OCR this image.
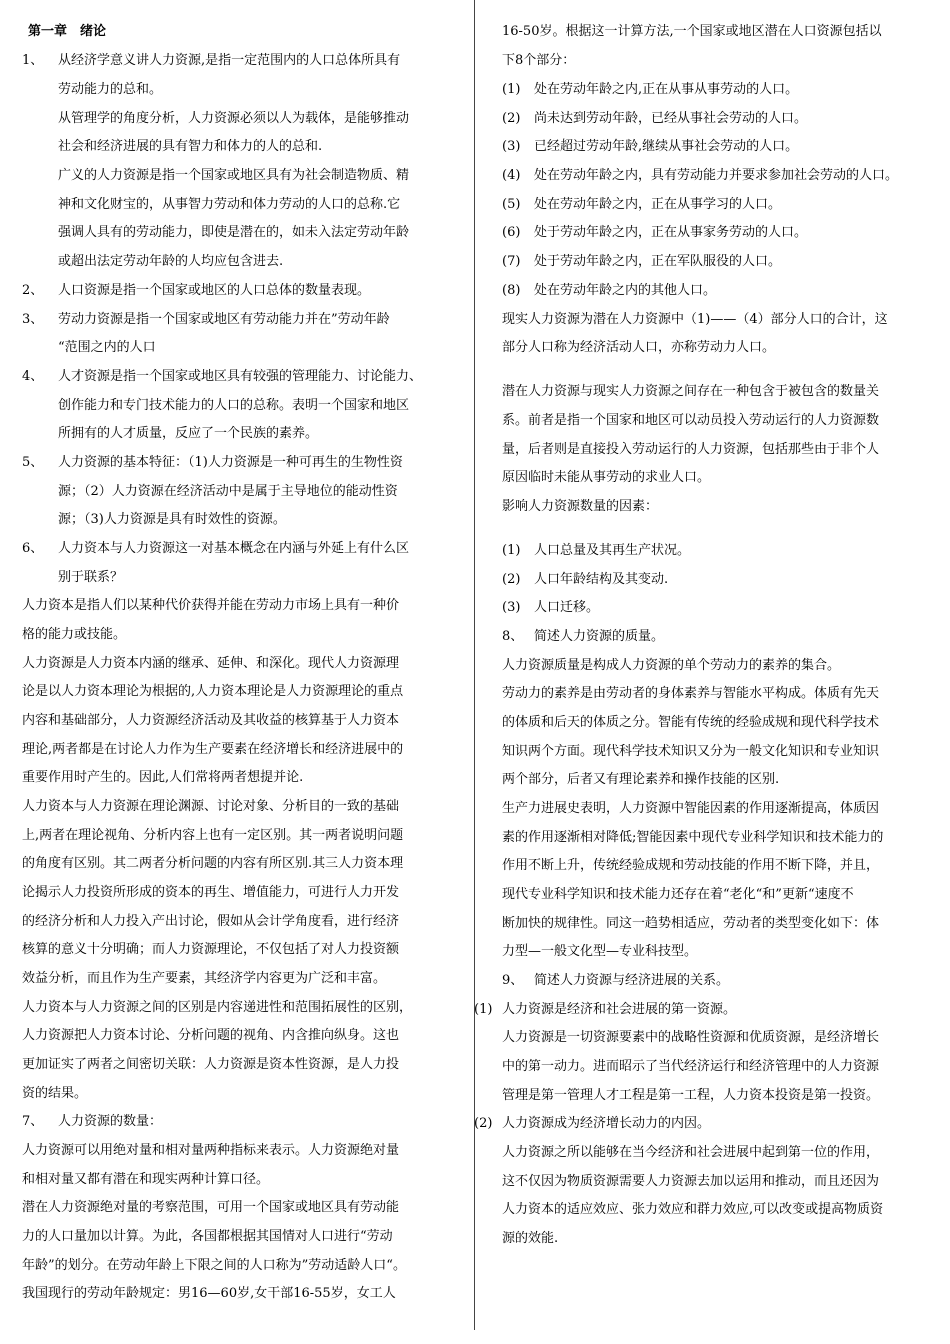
第一章　绪论
1、 从经济学意义讲人力资源,是指一定范围内的人口总体所具有
劳动能力的总和。
从管理学的角度分析，人力资源必须以人为载体，是能够推动
社会和经济进展的具有智力和体力的人的总和.
广义的人力资源是指一个国家或地区具有为社会制造物质、精
神和文化财宝的，从事智力劳动和体力劳动的人口的总称.它
强调人具有的劳动能力，即使是潜在的，如未入法定劳动年龄
或超出法定劳动年龄的人均应包含进去.
2、 人口资源是指一个国家或地区的人口总体的数量表现。
3、 劳动力资源是指一个国家或地区有劳动能力并在”劳动年龄
“范围之内的人口
4、 人才资源是指一个国家或地区具有较强的管理能力、讨论能力、
创作能力和专门技术能力的人口的总称。表明一个国家和地区
所拥有的人才质量，反应了一个民族的素养。
5、 人力资源的基本特征：（1)人力资源是一种可再生的生物性资
源；（2）人力资源在经济活动中是属于主导地位的能动性资
源；（3)人力资源是具有时效性的资源。
6、 人力资本与人力资源这一对基本概念在内涵与外延上有什么区
别于联系？
人力资本是指人们以某种代价获得并能在劳动力市场上具有一种价
格的能力或技能。
人力资源是人力资本内涵的继承、延伸、和深化。现代人力资源理
论是以人力资本理论为根据的,人力资本理论是人力资源理论的重点
内容和基础部分，人力资源经济活动及其收益的核算基于人力资本
理论,两者都是在讨论人力作为生产要素在经济增长和经济进展中的
重要作用时产生的。因此,人们常将两者想提并论.
人力资本与人力资源在理论渊源、讨论对象、分析目的一致的基础
上,两者在理论视角、分析内容上也有一定区别。其一两者说明问题
的角度有区别。其二两者分析问题的内容有所区别.其三人力资本理
论揭示人力投资所形成的资本的再生、增值能力，可进行人力开发
的经济分析和人力投入产出讨论，假如从会计学角度看，进行经济
核算的意义十分明确；而人力资源理论，不仅包括了对人力投资额
效益分析，而且作为生产要素，其经济学内容更为广泛和丰富。
人力资本与人力资源之间的区别是内容递进性和范围拓展性的区别，
人力资源把人力资本讨论、分析问题的视角、内含推向纵身。这也
更加证实了两者之间密切关联：人力资源是资本性资源，是人力投
资的结果。
7、 人力资源的数量：
人力资源可以用绝对量和相对量两种指标来表示。人力资源绝对量
和相对量又都有潜在和现实两种计算口径。
潜在人力资源绝对量的考察范围，可用一个国家或地区具有劳动能
力的人口量加以计算。为此，各国都根据其国情对人口进行“劳动
年龄”的划分。在劳动年龄上下限之间的人口称为”劳动适龄人口“。
我国现行的劳动年龄规定：男16—60岁,女干部16-55岁，女工人
16-50岁。根据这一计算方法,一个国家或地区潜在人口资源包括以
下8个部分：
(1) 处在劳动年龄之内,正在从事从事劳动的人口。
(2) 尚未达到劳动年龄，已经从事社会劳动的人口。
(3) 已经超过劳动年龄,继续从事社会劳动的人口。
(4) 处在劳动年龄之内，具有劳动能力并要求参加社会劳动的人口。
(5) 处在劳动年龄之内，正在从事学习的人口。
(6) 处于劳动年龄之内，正在从事家务劳动的人口。
(7) 处于劳动年龄之内，正在军队服役的人口。
(8) 处在劳动年龄之内的其他人口。
现实人力资源为潜在人力资源中（1)——（4）部分人口的合计，这
部分人口称为经济活动人口，亦称劳动力人口。
潜在人力资源与现实人力资源之间存在一种包含于被包含的数量关
系。前者是指一个国家和地区可以动员投入劳动运行的人力资源数
量，后者则是直接投入劳动运行的人力资源，包括那些由于非个人
原因临时未能从事劳动的求业人口。
影响人力资源数量的因素：
(1) 人口总量及其再生产状况。
(2) 人口年龄结构及其变动.
(3) 人口迁移。
8、 简述人力资源的质量。
人力资源质量是构成人力资源的单个劳动力的素养的集合。
劳动力的素养是由劳动者的身体素养与智能水平构成。体质有先天
的体质和后天的体质之分。智能有传统的经验成规和现代科学技术
知识两个方面。现代科学技术知识又分为一般文化知识和专业知识
两个部分，后者又有理论素养和操作技能的区别.
生产力进展史表明，人力资源中智能因素的作用逐渐提高，体质因
素的作用逐渐相对降低;智能因素中现代专业科学知识和技术能力的
作用不断上升，传统经验成规和劳动技能的作用不断下降，并且，
现代专业科学知识和技术能力还存在着“老化“和”更新“速度不
断加快的规律性。同这一趋势相适应，劳动者的类型变化如下：体
力型—一般文化型—专业科技型。
9、 简述人力资源与经济进展的关系。
(1) 人力资源是经济和社会进展的第一资源。
人力资源是一切资源要素中的战略性资源和优质资源，是经济增长
中的第一动力。进而昭示了当代经济运行和经济管理中的人力资源
管理是第一管理人才工程是第一工程，人力资本投资是第一投资。
(2) 人力资源成为经济增长动力的内因。
人力资源之所以能够在当今经济和社会进展中起到第一位的作用，
这不仅因为物质资源需要人力资源去加以运用和推动，而且还因为
人力资本的适应效应、张力效应和群力效应,可以改变或提高物质资
源的效能.
